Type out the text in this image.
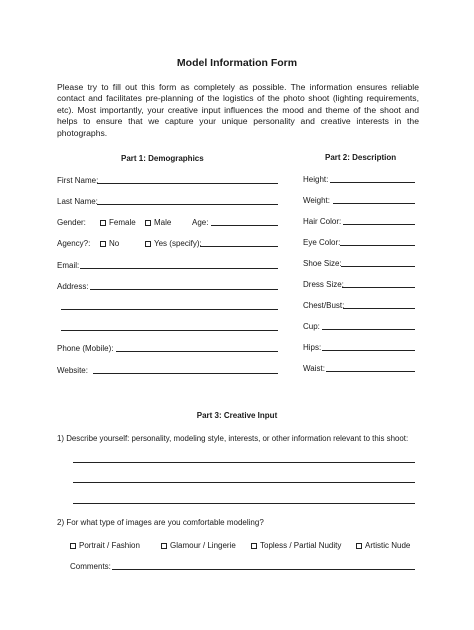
Model Information Form
Please try to fill out this form as completely as possible. The information ensures reliable contact and facilitates pre-planning of the logistics of the photo shoot (lighting requirements, etc). Most importantly, your creative input influences the mood and theme of the shoot and helps to ensure that we capture your unique personality and creative interests in the photographs.
Part 1: Demographics
First Name:
Last Name:
Gender:	Female	Male	Age:
Agency?:	No	Yes (specify):
Email:
Address:
Phone (Mobile):
Website:
Part 2: Description
Height:
Weight:
Hair Color:
Eye Color:
Shoe Size:
Dress Size:
Chest/Bust:
Cup:
Hips:
Waist:
Part 3: Creative Input
1) Describe yourself: personality, modeling style, interests, or other information relevant to this shoot:
2) For what type of images are you comfortable modeling?
Portrait / Fashion	Glamour / Lingerie	Topless / Partial Nudity	Artistic Nude
Comments:
